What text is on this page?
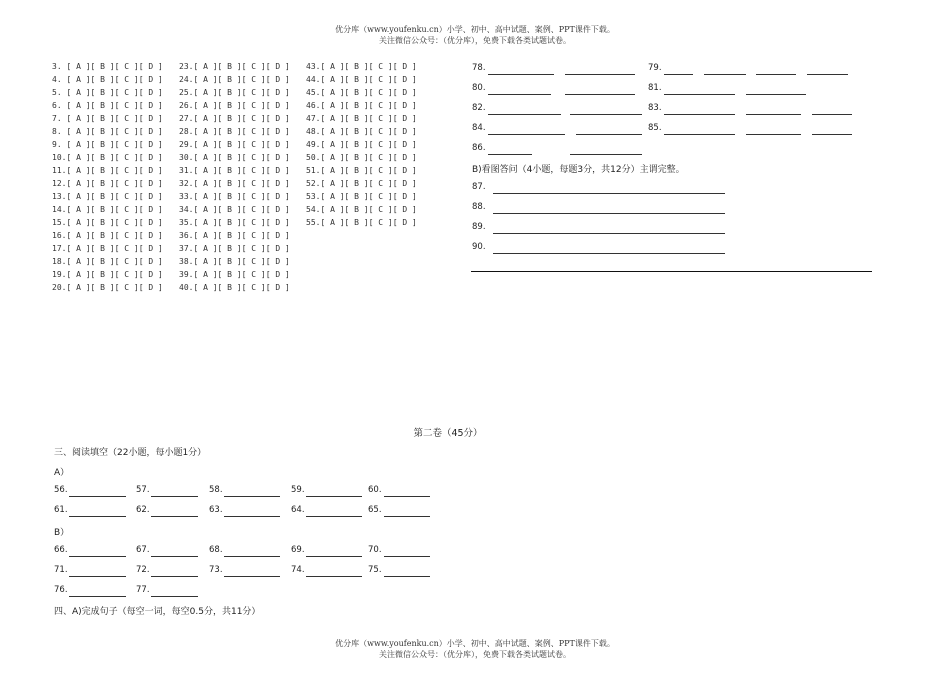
优分库（www.youfenku.cn）小学、初中、高中试题、案例、PPT课件下载。
关注微信公众号：（优分库），免费下载各类试题试卷。
3. [ A ][ B ][ C ][ D ]
4. [ A ][ B ][ C ][ D ]
5. [ A ][ B ][ C ][ D ]
6. [ A ][ B ][ C ][ D ]
7. [ A ][ B ][ C ][ D ]
8. [ A ][ B ][ C ][ D ]
9. [ A ][ B ][ C ][ D ]
10.[ A ][ B ][ C ][ D ]
11.[ A ][ B ][ C ][ D ]
12.[ A ][ B ][ C ][ D ]
13.[ A ][ B ][ C ][ D ]
14.[ A ][ B ][ C ][ D ]
15.[ A ][ B ][ C ][ D ]
16.[ A ][ B ][ C ][ D ]
17.[ A ][ B ][ C ][ D ]
18.[ A ][ B ][ C ][ D ]
19.[ A ][ B ][ C ][ D ]
20.[ A ][ B ][ C ][ D ]
23.[ A ][ B ][ C ][ D ]
24.[ A ][ B ][ C ][ D ]
25.[ A ][ B ][ C ][ D ]
26.[ A ][ B ][ C ][ D ]
27.[ A ][ B ][ C ][ D ]
28.[ A ][ B ][ C ][ D ]
29.[ A ][ B ][ C ][ D ]
30.[ A ][ B ][ C ][ D ]
31.[ A ][ B ][ C ][ D ]
32.[ A ][ B ][ C ][ D ]
33.[ A ][ B ][ C ][ D ]
34.[ A ][ B ][ C ][ D ]
35.[ A ][ B ][ C ][ D ]
36.[ A ][ B ][ C ][ D ]
37.[ A ][ B ][ C ][ D ]
38.[ A ][ B ][ C ][ D ]
39.[ A ][ B ][ C ][ D ]
40.[ A ][ B ][ C ][ D ]
43.[ A ][ B ][ C ][ D ]
44.[ A ][ B ][ C ][ D ]
45.[ A ][ B ][ C ][ D ]
46.[ A ][ B ][ C ][ D ]
47.[ A ][ B ][ C ][ D ]
48.[ A ][ B ][ C ][ D ]
49.[ A ][ B ][ C ][ D ]
50.[ A ][ B ][ C ][ D ]
51.[ A ][ B ][ C ][ D ]
52.[ A ][ B ][ C ][ D ]
53.[ A ][ B ][ C ][ D ]
54.[ A ][ B ][ C ][ D ]
55.[ A ][ B ][ C ][ D ]
78.	79.
80.	81.
82.	83.
84.	85.
86.
B)看图答问（4小题，每题3分，共12分）主谓完整。
87.
88.
89.
90.
第二卷（45分）
三、阅读填空（22小题，每小题1分）
A）
B）
56.	57.	58.	59.	60.
61.	62.	63.	64.	65.
66.	67.	68.	69.	70.
71.	72.	73.	74.	75.
76.	77.
四、A)完成句子（每空一词，每空0.5分，共11分）
优分库（www.youfenku.cn）小学、初中、高中试题、案例、PPT课件下载。
关注微信公众号：（优分库），免费下载各类试题试卷。
